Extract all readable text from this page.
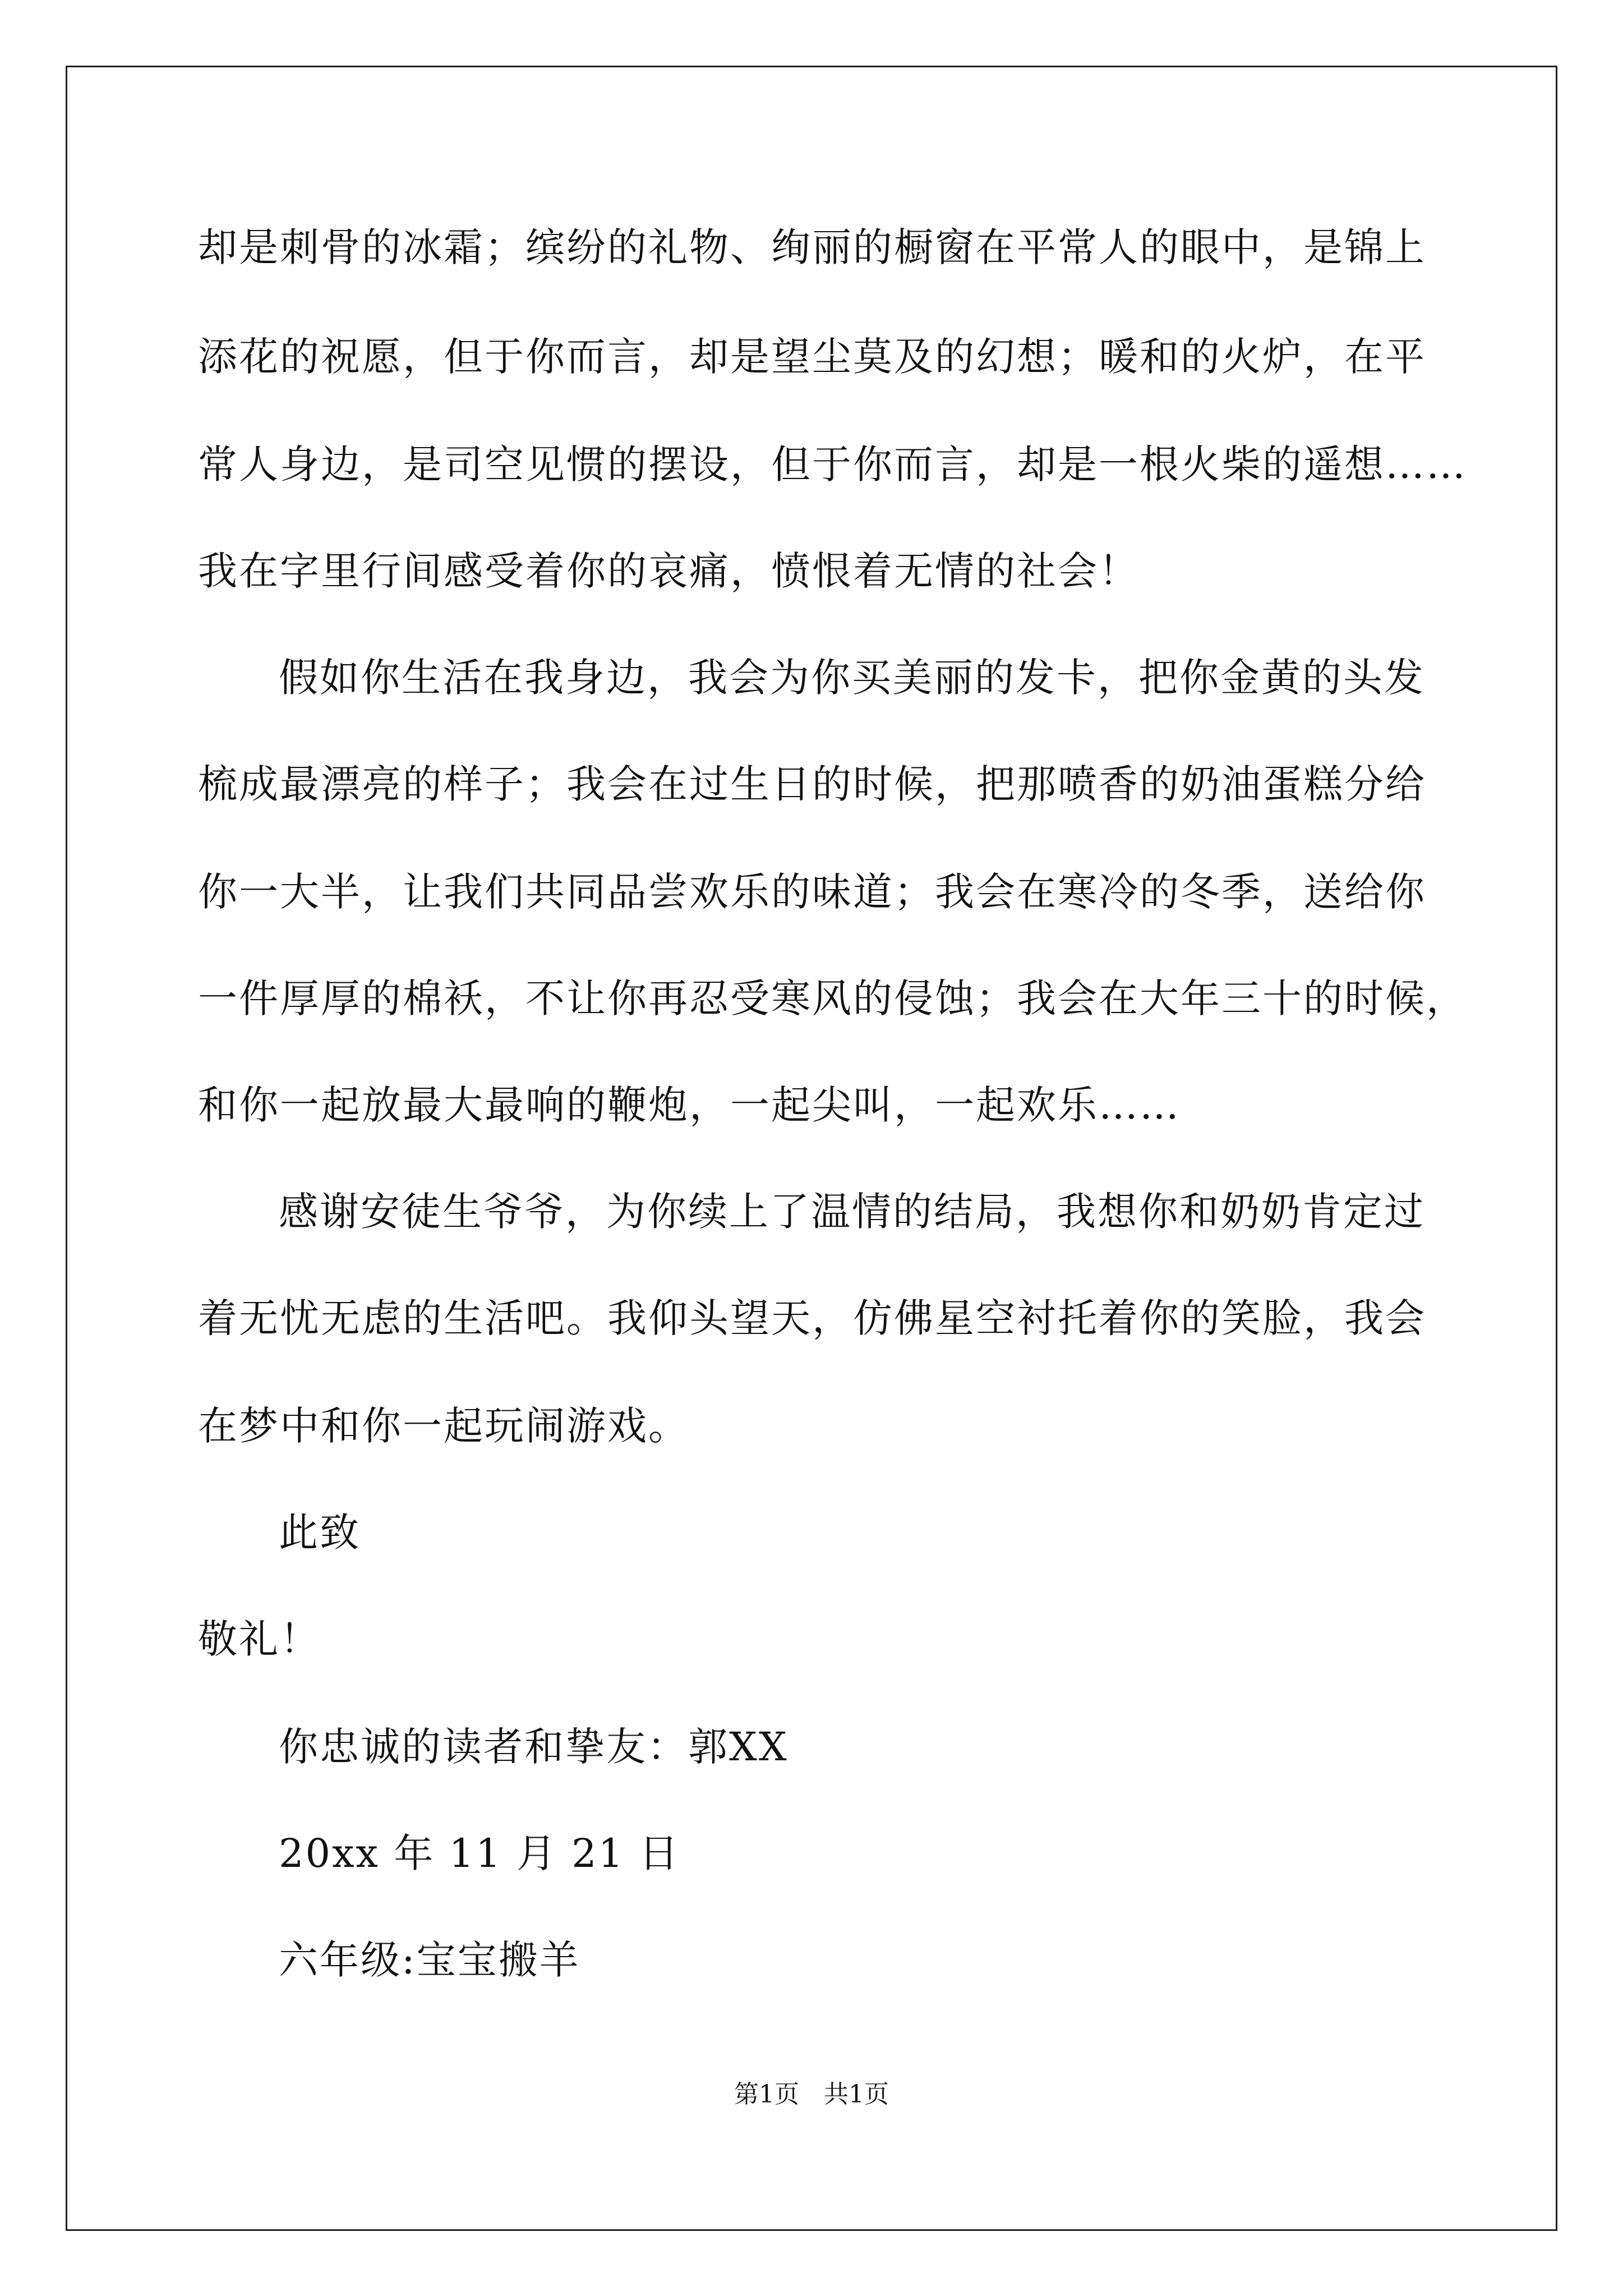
却是刺骨的冰霜；缤纷的礼物、绚丽的橱窗在平常人的眼中，是锦上
添花的祝愿，但于你而言，却是望尘莫及的幻想；暖和的火炉，在平
常人身边，是司空见惯的摆设，但于你而言，却是一根火柴的遥想……
我在字里行间感受着你的哀痛，愤恨着无情的社会！
假如你生活在我身边，我会为你买美丽的发卡，把你金黄的头发
梳成最漂亮的样子；我会在过生日的时候，把那喷香的奶油蛋糕分给
你一大半，让我们共同品尝欢乐的味道；我会在寒冷的冬季，送给你
一件厚厚的棉袄，不让你再忍受寒风的侵蚀；我会在大年三十的时候，
和你一起放最大最响的鞭炮，一起尖叫，一起欢乐……
感谢安徒生爷爷，为你续上了温情的结局，我想你和奶奶肯定过
着无忧无虑的生活吧。我仰头望天，仿佛星空衬托着你的笑脸，我会
在梦中和你一起玩闹游戏。
此致
敬礼！
你忠诚的读者和挚友：郭XX
20xx 年 11 月 21 日
六年级:宝宝搬羊
第1页　共1页
